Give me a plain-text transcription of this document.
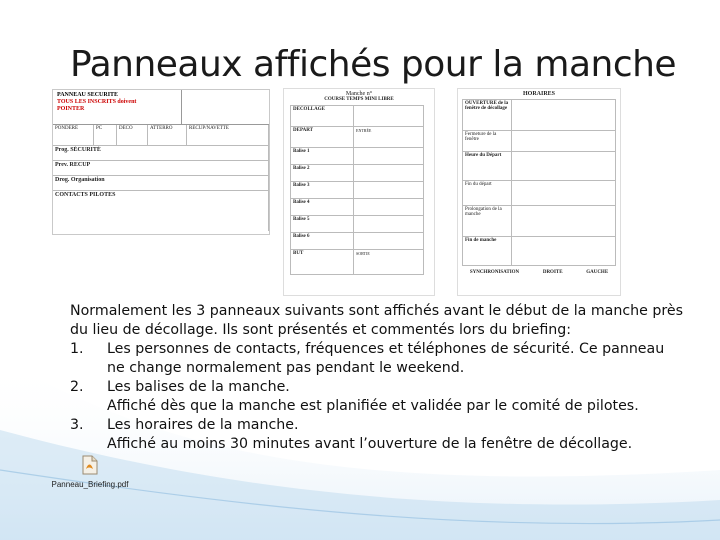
Panneaux affichés pour la manche
PANNEAU SECURITE
TOUS LES INSCRITS doivent
POINTER
PONDÉRÉ	PC	DÉCO	ATTERRO	RECUP/NAVETTE
Prog. SÉCURITÉ
Prev. RECUP
Drog. Organisation
CONTACTS PILOTES
Manche n°
COURSE TEMPS MINI LIBRE
DÉCOLLAGE
DÉPART	ENTRÉE
Balise 1
Balise 2
Balise 3
Balise 4
Balise 5
Balise 6
BUT	SORTIE
HORAIRES
OUVERTURE de la fenêtre de décollage
Fermeture de la fenêtre
Heure du Départ
Fin du départ
Prolongation de la manche
Fin de manche
SYNCHRONISATION	DROITE	GAUCHE

Normalement les 3 panneaux suivants sont affichés avant le début de la manche près du lieu de décollage. Ils sont présentés et commentés lors du briefing:

1.	Les personnes de contacts, fréquences et téléphones de sécurité. Ce panneau ne change normalement pas pendant le weekend.
2.	Les balises de la manche.
Affiché dès que la manche est planifiée et validée par le comité de pilotes.
3.	Les horaires de la manche.
Affiché au moins 30 minutes avant l’ouverture de la fenêtre de décollage.
Panneau_Briefing.pdf
